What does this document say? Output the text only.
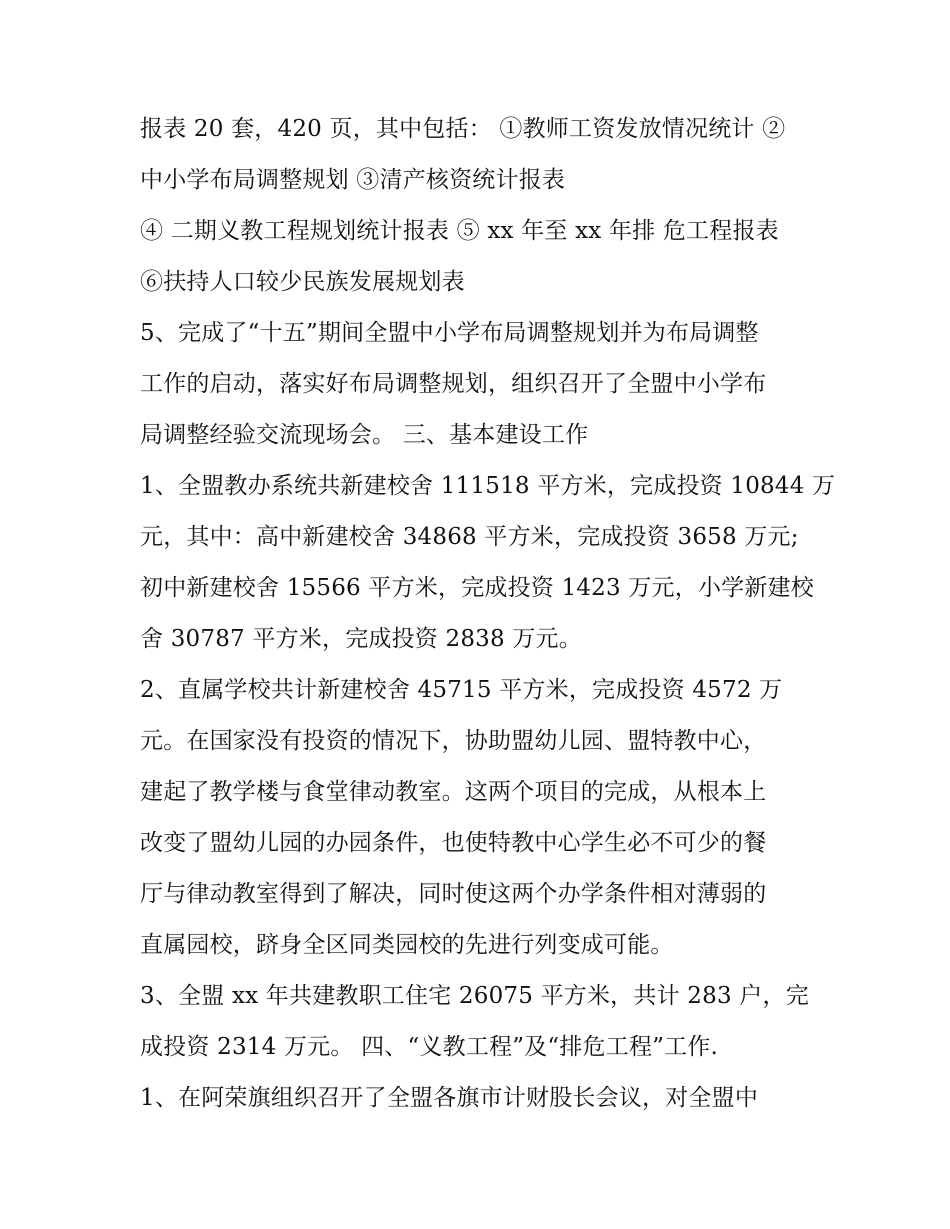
报表 20 套，420 页，其中包括： ①教师工资发放情况统计 ②
中小学布局调整规划 ③清产核资统计报表
④ 二期义教工程规划统计报表 ⑤ xx 年至 xx 年排 危工程报表
⑥扶持人口较少民族发展规划表
5、完成了“十五”期间全盟中小学布局调整规划并为布局调整
工作的启动，落实好布局调整规划，组织召开了全盟中小学布
局调整经验交流现场会。 三、基本建设工作
1、全盟教办系统共新建校舍 111518 平方米，完成投资 10844 万
元，其中：高中新建校舍 34868 平方米，完成投资 3658 万元;
初中新建校舍 15566 平方米，完成投资 1423 万元，小学新建校
舍 30787 平方米，完成投资 2838 万元。
2、直属学校共计新建校舍 45715 平方米，完成投资 4572 万
元。在国家没有投资的情况下，协助盟幼儿园、盟特教中心，
建起了教学楼与食堂律动教室。这两个项目的完成，从根本上
改变了盟幼儿园的办园条件，也使特教中心学生必不可少的餐
厅与律动教室得到了解决，同时使这两个办学条件相对薄弱的
直属园校，跻身全区同类园校的先进行列变成可能。
3、全盟 xx 年共建教职工住宅 26075 平方米，共计 283 户，完
成投资 2314 万元。 四、“义教工程”及“排危工程”工作.
1、在阿荣旗组织召开了全盟各旗市计财股长会议，对全盟中
